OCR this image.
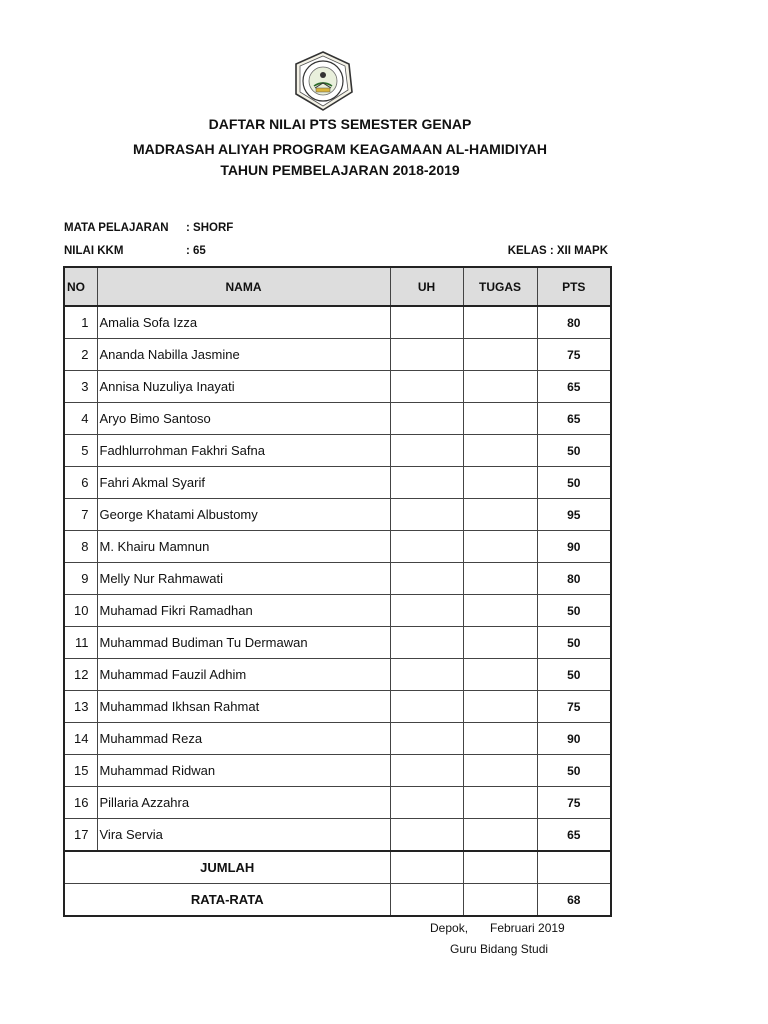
DAFTAR NILAI PTS SEMESTER GENAP
MADRASAH ALIYAH PROGRAM KEAGAMAAN AL-HAMIDIYAH
TAHUN PEMBELAJARAN 2018-2019
MATA PELAJARAN : SHORF
NILAI KKM	: 65	KELAS : XII MAPK
NO	NAMA	UH	TUGAS	PTS
1	Amalia Sofa Izza			80
2	Ananda Nabilla Jasmine			75
3	Annisa Nuzuliya Inayati			65
4	Aryo Bimo Santoso			65
5	Fadhlurrohman Fakhri Safna			50
6	Fahri Akmal Syarif			50
7	George Khatami Albustomy			95
8	M. Khairu Mamnun			90
9	Melly Nur Rahmawati			80
10	Muhamad Fikri Ramadhan			50
11	Muhammad Budiman Tu Dermawan			50
12	Muhammad Fauzil Adhim			50
13	Muhammad Ikhsan Rahmat			75
14	Muhammad Reza			90
15	Muhammad Ridwan			50
16	Pillaria Azzahra			75
17	Vira Servia			65
JUMLAH				
RATA-RATA				68
Depok, Februari 2019
Guru Bidang Studi
